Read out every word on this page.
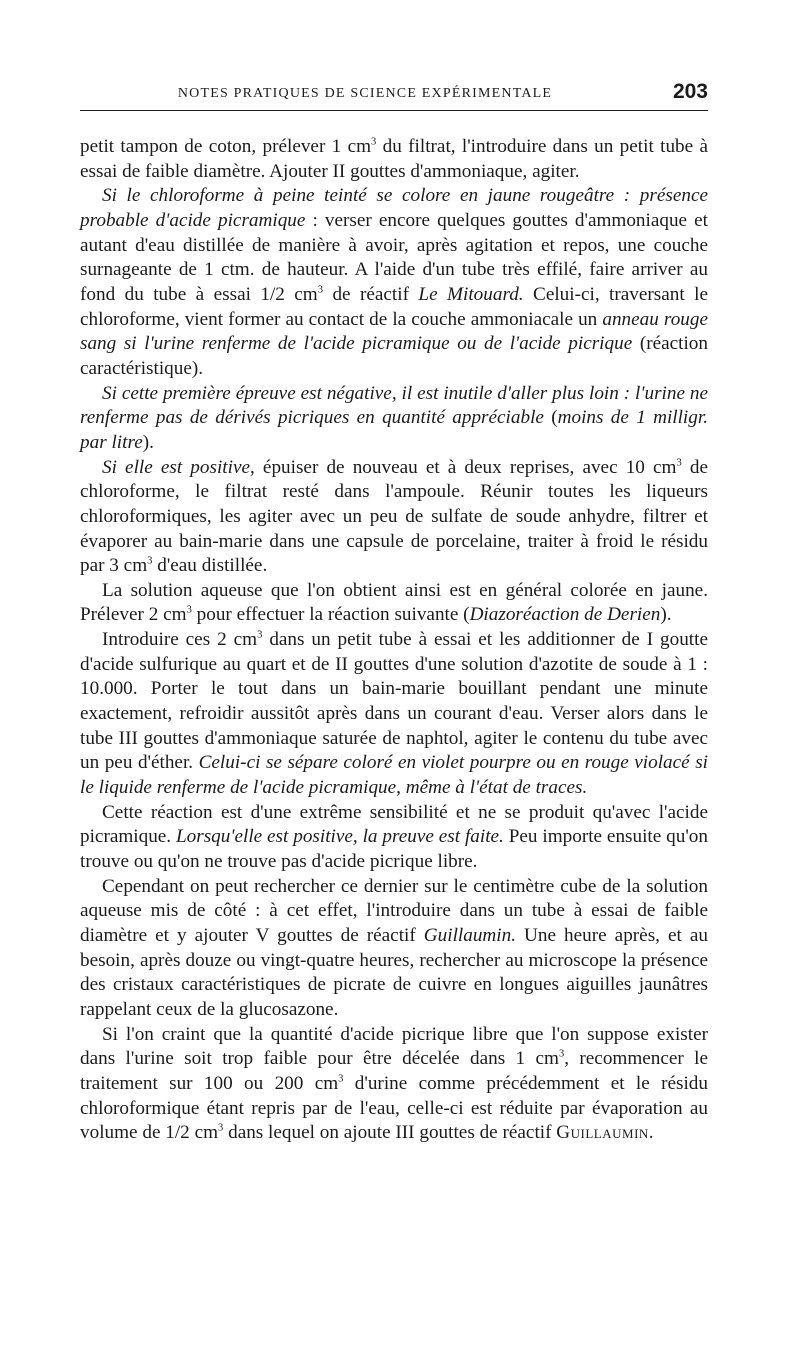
NOTES PRATIQUES DE SCIENCE EXPÉRIMENTALE	203

petit tampon de coton, prélever 1 $cm^3$ du filtrat, l'introduire dans un petit tube à essai de faible diamètre. Ajouter II gouttes d'ammoniaque, agiter.

Si le chloroforme à peine teinté se colore en jaune rougeâtre : présence probable d'acide picramique : verser encore quelques gouttes d'ammoniaque et autant d'eau distillée de manière à avoir, après agitation et repos, une couche surnageante de 1 ctm. de hauteur. A l'aide d'un tube très effilé, faire arriver au fond du tube à essai 1/2 $cm^3$ de réactif Le Mitouard. Celui-ci, traversant le chloroforme, vient former au contact de la couche ammoniacale un anneau rouge sang si l'urine renferme de l'acide picramique ou de l'acide picrique (réaction caractéristique).

Si cette première épreuve est négative, il est inutile d'aller plus loin : l'urine ne renferme pas de dérivés picriques en quantité appréciable (moins de 1 milligr. par litre).

Si elle est positive, épuiser de nouveau et à deux reprises, avec 10 $cm^3$ de chloroforme, le filtrat resté dans l'ampoule. Réunir toutes les liqueurs chloroformiques, les agiter avec un peu de sulfate de soude anhydre, filtrer et évaporer au bain-marie dans une capsule de porcelaine, traiter à froid le résidu par 3 $cm^3$ d'eau distillée.

La solution aqueuse que l'on obtient ainsi est en général colorée en jaune. Prélever 2 $cm^3$ pour effectuer la réaction suivante (Diazoréaction de Derien).

Introduire ces 2 $cm^3$ dans un petit tube à essai et les additionner de I goutte d'acide sulfurique au quart et de II gouttes d'une solution d'azotite de soude à 1 : 10.000. Porter le tout dans un bain-marie bouillant pendant une minute exactement, refroidir aussitôt après dans un courant d'eau. Verser alors dans le tube III gouttes d'ammoniaque saturée de naphtol, agiter le contenu du tube avec un peu d'éther. Celui-ci se sépare coloré en violet pourpre ou en rouge violacé si le liquide renferme de l'acide picramique, même à l'état de traces.

Cette réaction est d'une extrême sensibilité et ne se produit qu'avec l'acide picramique. Lorsqu'elle est positive, la preuve est faite. Peu importe ensuite qu'on trouve ou qu'on ne trouve pas d'acide picrique libre.

Cependant on peut rechercher ce dernier sur le centimètre cube de la solution aqueuse mis de côté : à cet effet, l'introduire dans un tube à essai de faible diamètre et y ajouter V gouttes de réactif Guillaumin. Une heure après, et au besoin, après douze ou vingt-quatre heures, rechercher au microscope la présence des cristaux caractéristiques de picrate de cuivre en longues aiguilles jaunâtres rappelant ceux de la glucosazone.

Si l'on craint que la quantité d'acide picrique libre que l'on suppose exister dans l'urine soit trop faible pour être décelée dans 1 $cm^3$, recommencer le traitement sur 100 ou 200 $cm^3$ d'urine comme précédemment et le résidu chloroformique étant repris par de l'eau, celle-ci est réduite par évaporation au volume de 1/2 $cm^3$ dans lequel on ajoute III gouttes de réactif Guillaumin.
